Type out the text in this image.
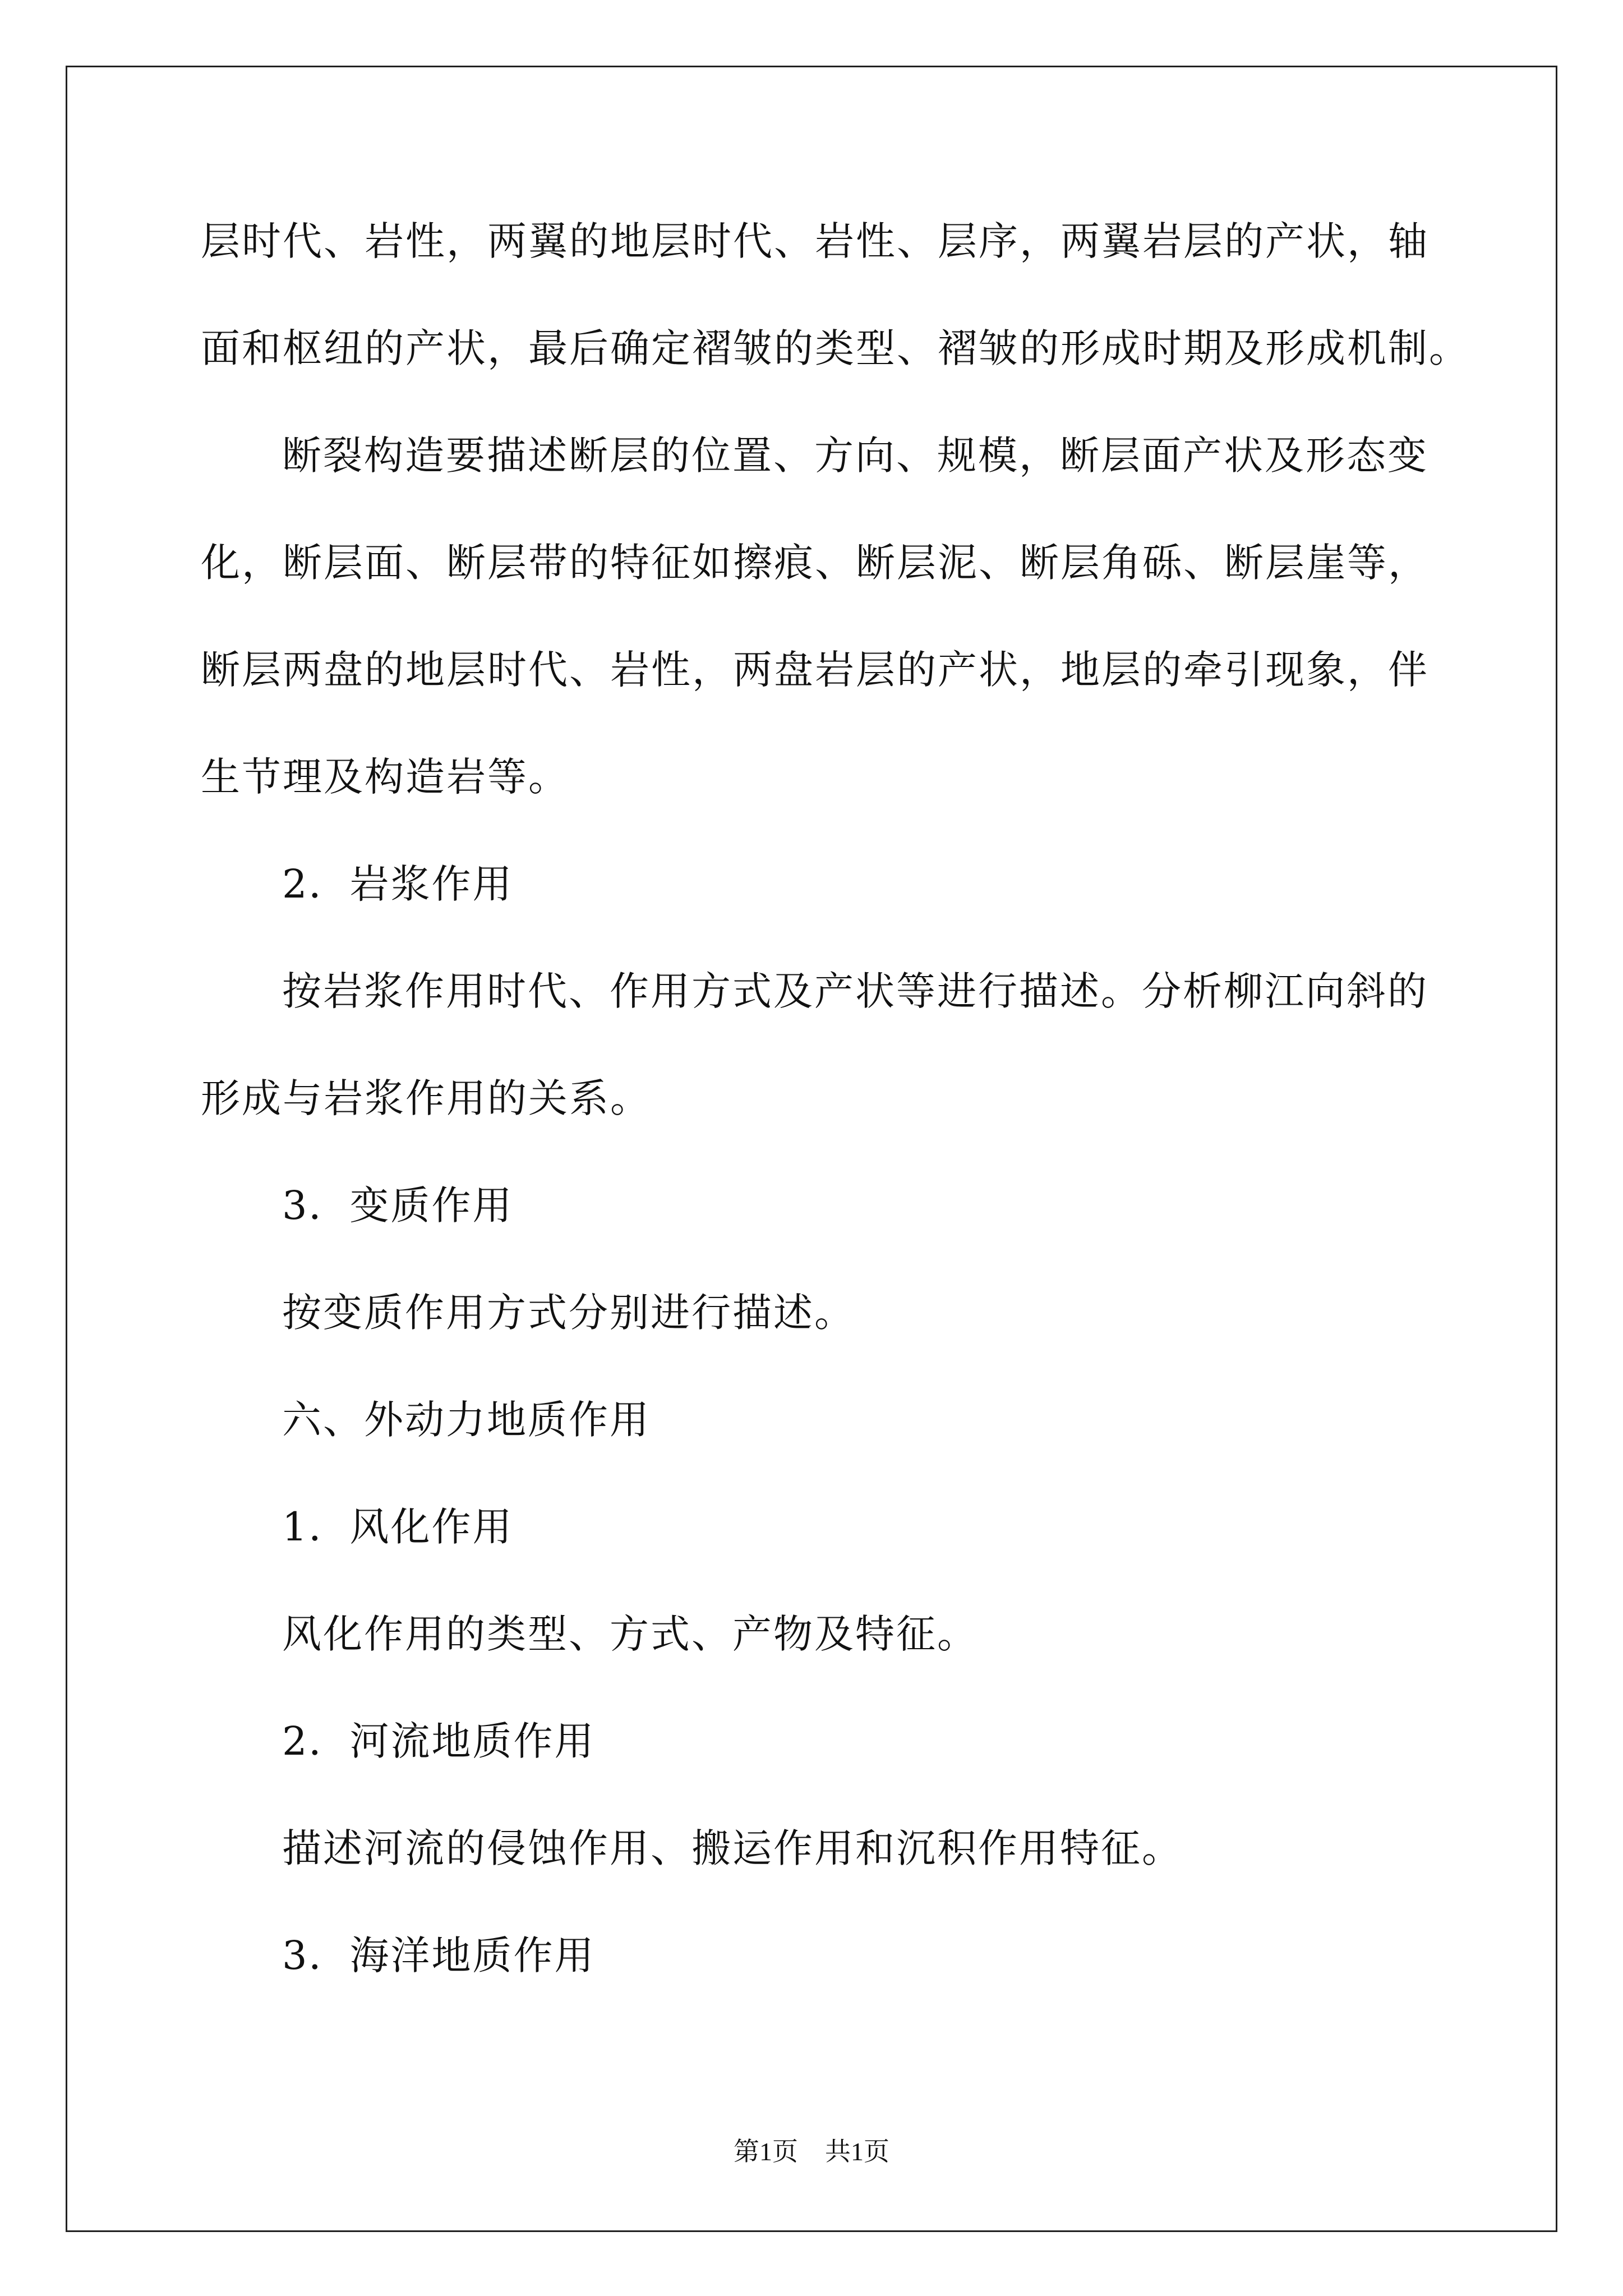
层时代、岩性，两翼的地层时代、岩性、层序，两翼岩层的产状，轴
面和枢纽的产状，最后确定褶皱的类型、褶皱的形成时期及形成机制。
断裂构造要描述断层的位置、方向、规模，断层面产状及形态变
化，断层面、断层带的特征如擦痕、断层泥、断层角砾、断层崖等，
断层两盘的地层时代、岩性，两盘岩层的产状，地层的牵引现象，伴
生节理及构造岩等。
2．岩浆作用
按岩浆作用时代、作用方式及产状等进行描述。分析柳江向斜的
形成与岩浆作用的关系。
3．变质作用
按变质作用方式分别进行描述。
六、外动力地质作用
1．风化作用
风化作用的类型、方式、产物及特征。
2．河流地质作用
描述河流的侵蚀作用、搬运作用和沉积作用特征。
3．海洋地质作用
第1页 共1页
